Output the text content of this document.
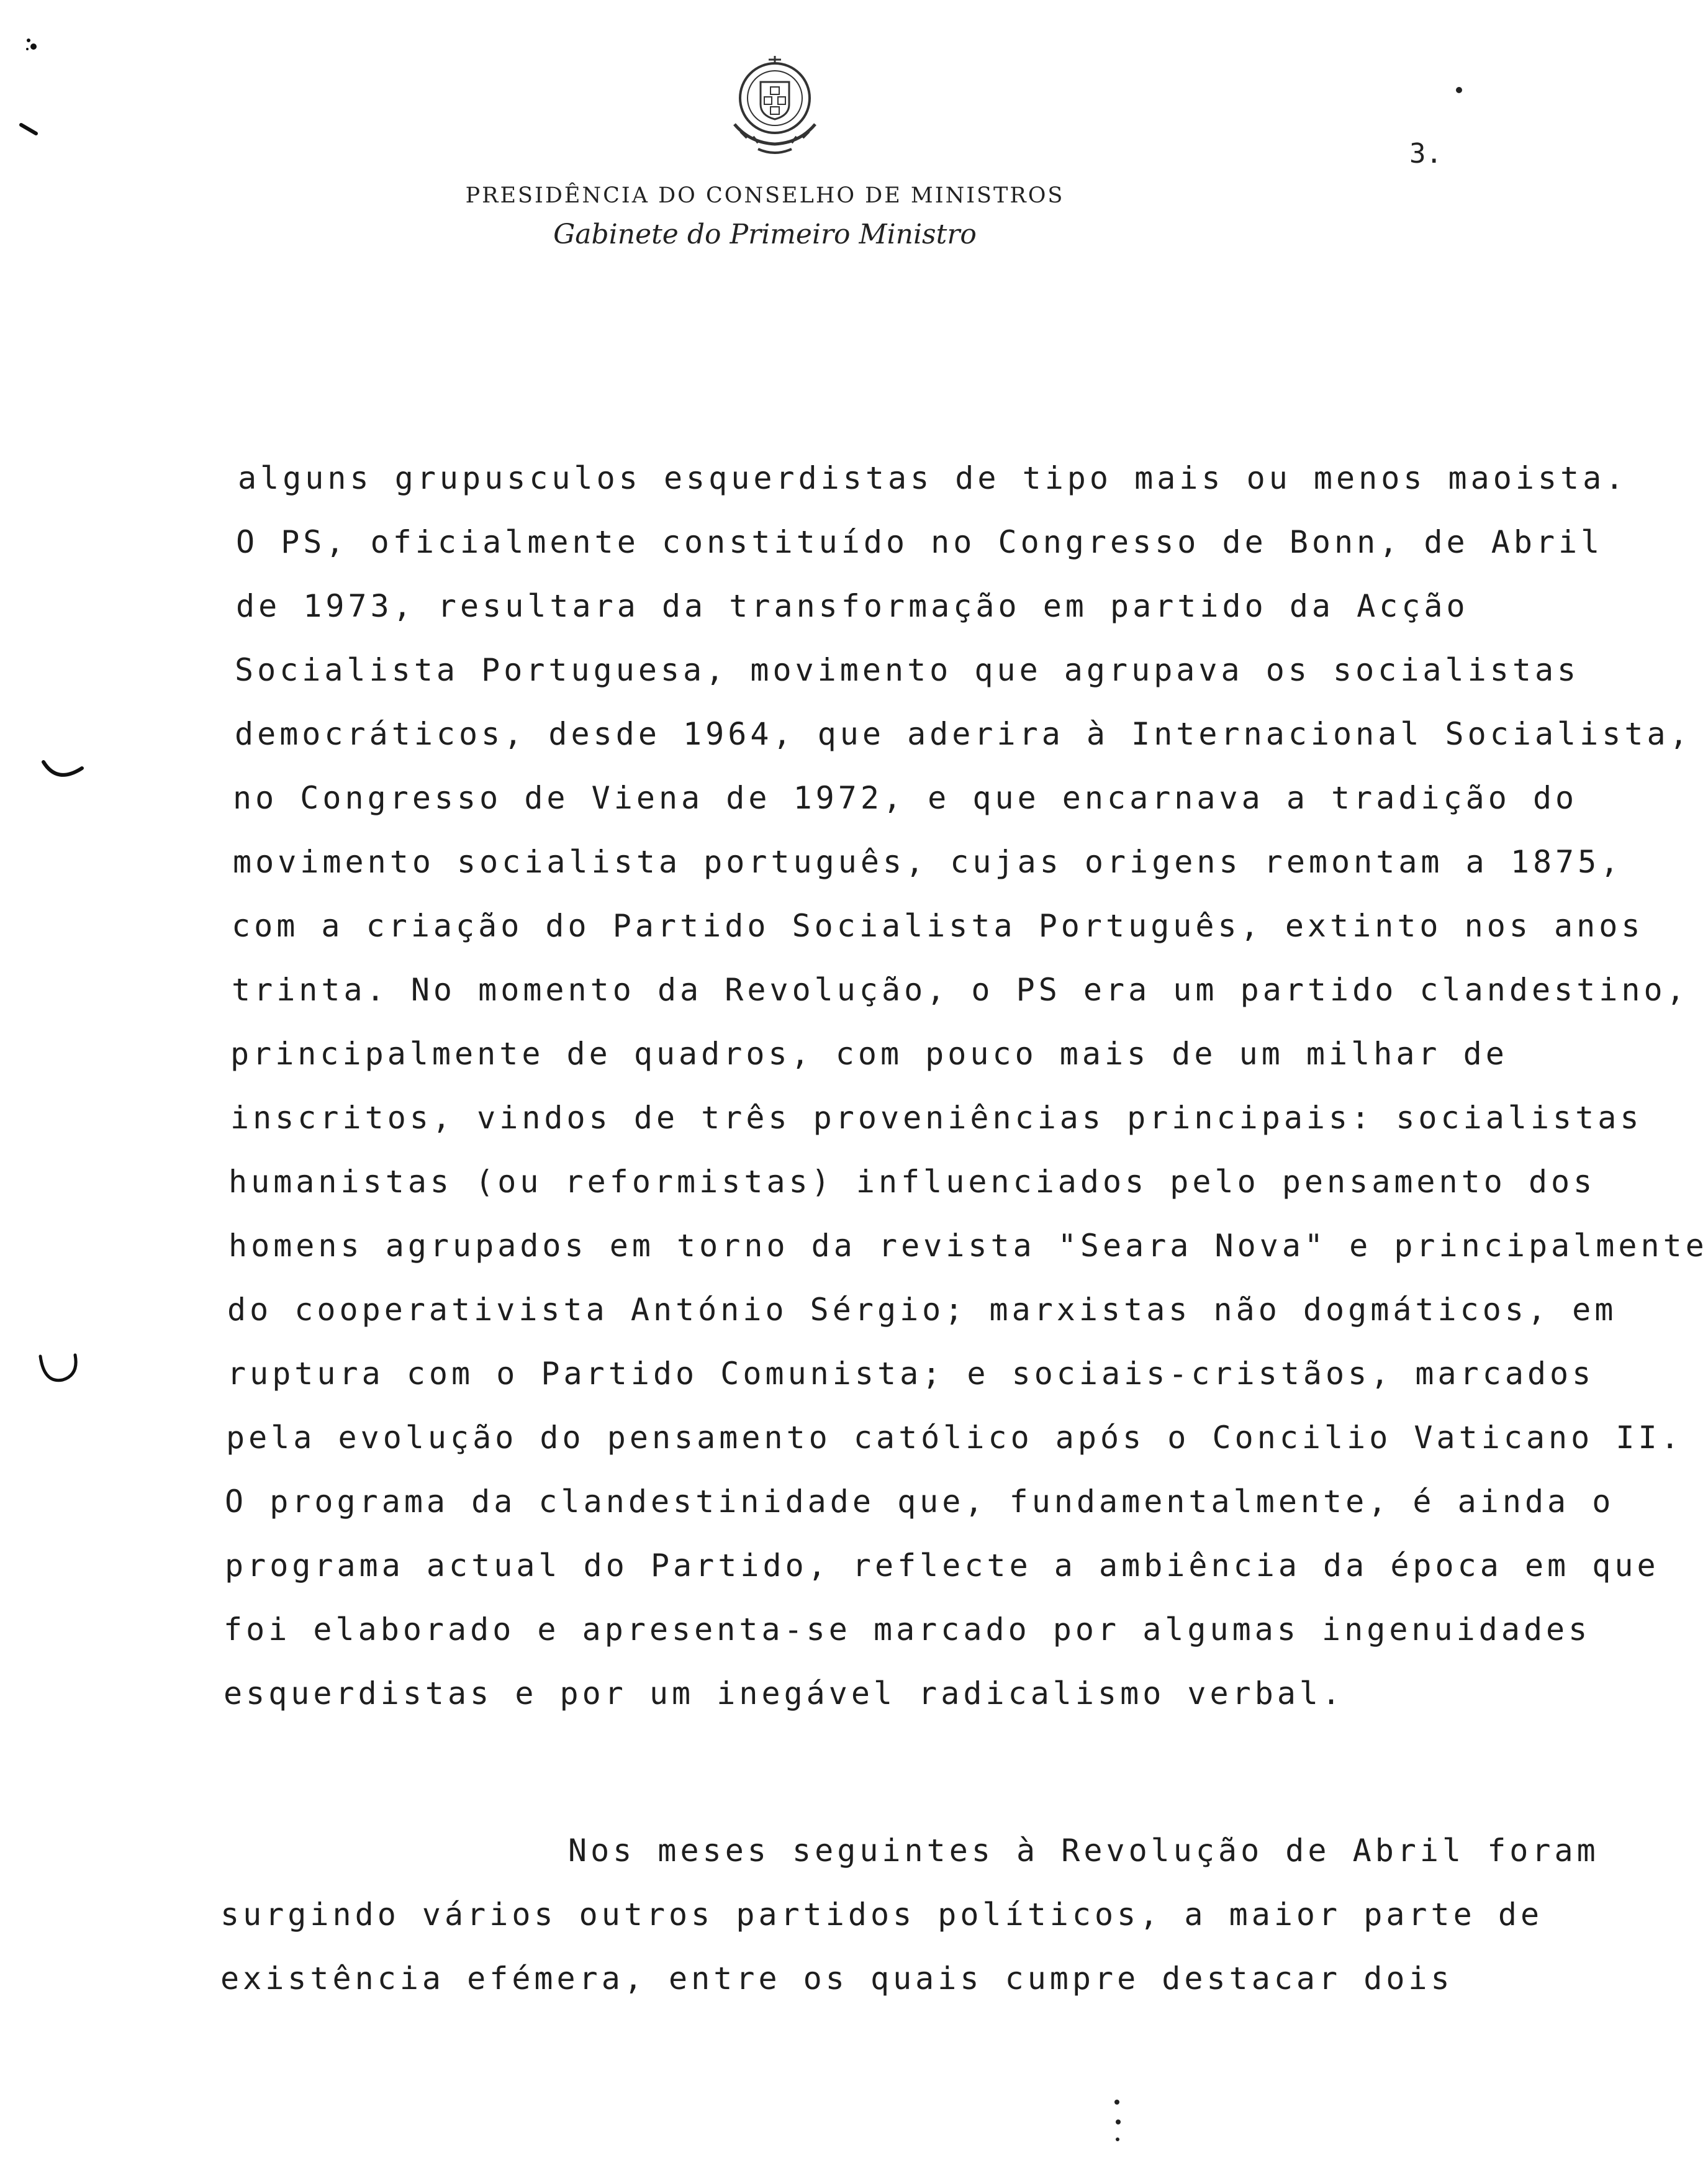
PRESIDÊNCIA DO CONSELHO DE MINISTROS
Gabinete do Primeiro Ministro
3.
alguns grupusculos esquerdistas de tipo mais ou menos maoista.
O PS, oficialmente constituído no Congresso de Bonn, de Abril
de 1973, resultara da transformação em partido da Acção
Socialista Portuguesa, movimento que agrupava os socialistas
democráticos, desde 1964, que aderira à Internacional Socialista,
no Congresso de Viena de 1972, e que encarnava a tradição do
movimento socialista português, cujas origens remontam a 1875,
com a criação do Partido Socialista Português, extinto nos anos
trinta. No momento da Revolução, o PS era um partido clandestino,
principalmente de quadros, com pouco mais de um milhar de
inscritos, vindos de três proveniências principais: socialistas
humanistas (ou reformistas) influenciados pelo pensamento dos
homens agrupados em torno da revista "Seara Nova" e principalmente
do cooperativista António Sérgio; marxistas não dogmáticos, em
ruptura com o Partido Comunista; e sociais-cristãos, marcados
pela evolução do pensamento católico após o Concilio Vaticano II.
O programa da clandestinidade que, fundamentalmente, é ainda o
programa actual do Partido, reflecte a ambiência da época em que
foi elaborado e apresenta-se marcado por algumas ingenuidades
esquerdistas e por um inegável radicalismo verbal.
Nos meses seguintes à Revolução de Abril foram
surgindo vários outros partidos políticos, a maior parte de
existência efémera, entre os quais cumpre destacar dois
